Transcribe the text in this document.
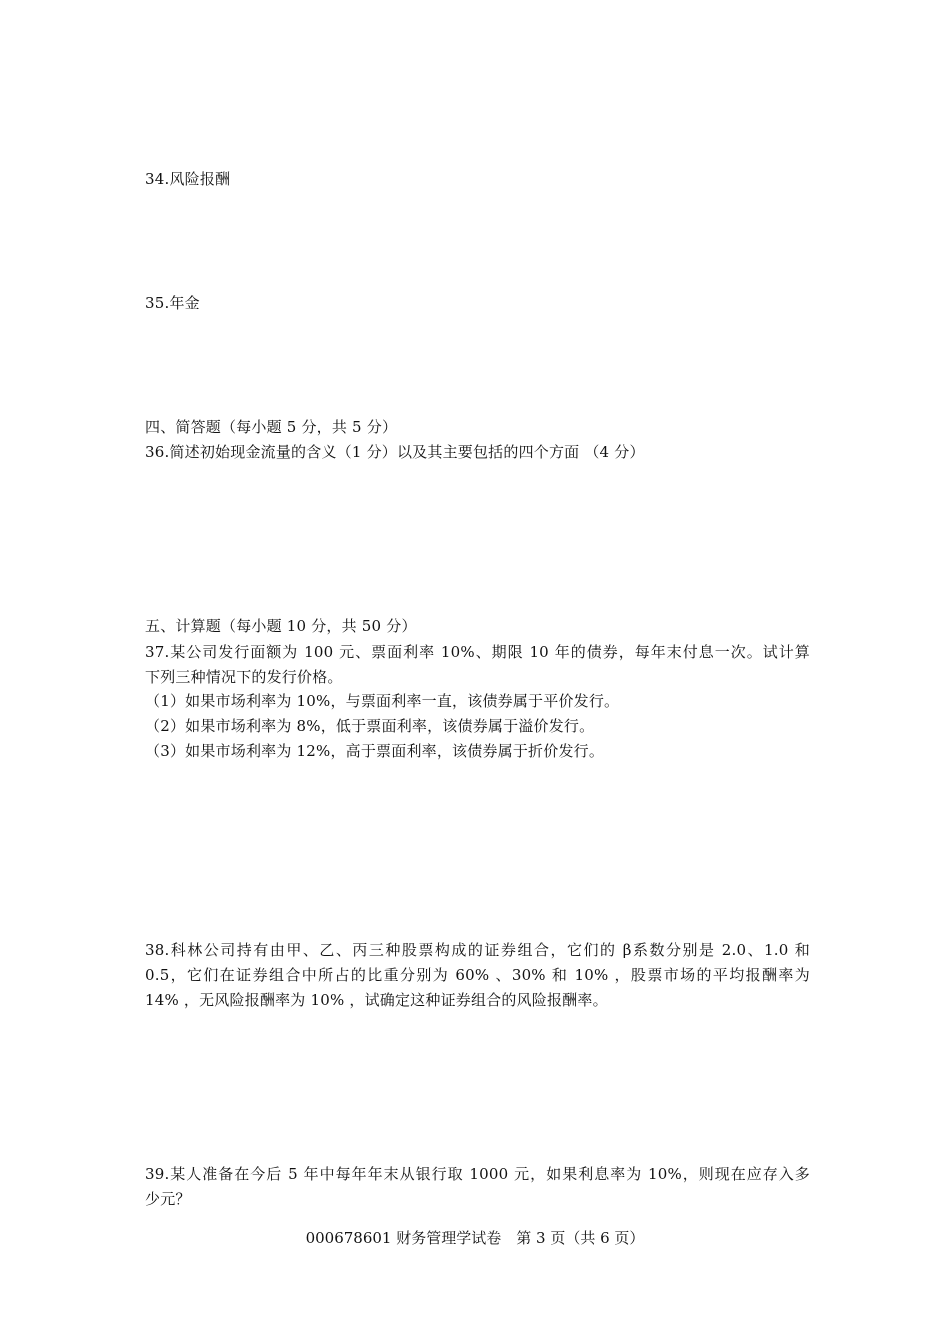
34.风险报酬
35.年金
四、简答题（每小题 5 分，共 5 分）
36.简述初始现金流量的含义（1 分）以及其主要包括的四个方面 （4 分）
五、计算题（每小题 10 分，共 50 分）
37.某公司发行面额为 100 元、票面利率 10%、期限 10 年的债券，每年末付息一次。试计算
下列三种情况下的发行价格。
（1）如果市场利率为 10%，与票面利率一直，该债券属于平价发行。
（2）如果市场利率为 8%，低于票面利率，该债券属于溢价发行。
（3）如果市场利率为 12%，高于票面利率，该债券属于折价发行。
38.科林公司持有由甲、乙、丙三种股票构成的证券组合，它们的 β系数分别是 2.0、1.0 和
0.5，它们在证券组合中所占的比重分别为 60% 、30% 和 10% ，股票市场的平均报酬率为
14% ，无风险报酬率为 10% ，试确定这种证券组合的风险报酬率。
39.某人准备在今后 5 年中每年年末从银行取 1000 元，如果利息率为 10%，则现在应存入多
少元？
000678601 财务管理学试卷　第 3 页（共 6 页）
